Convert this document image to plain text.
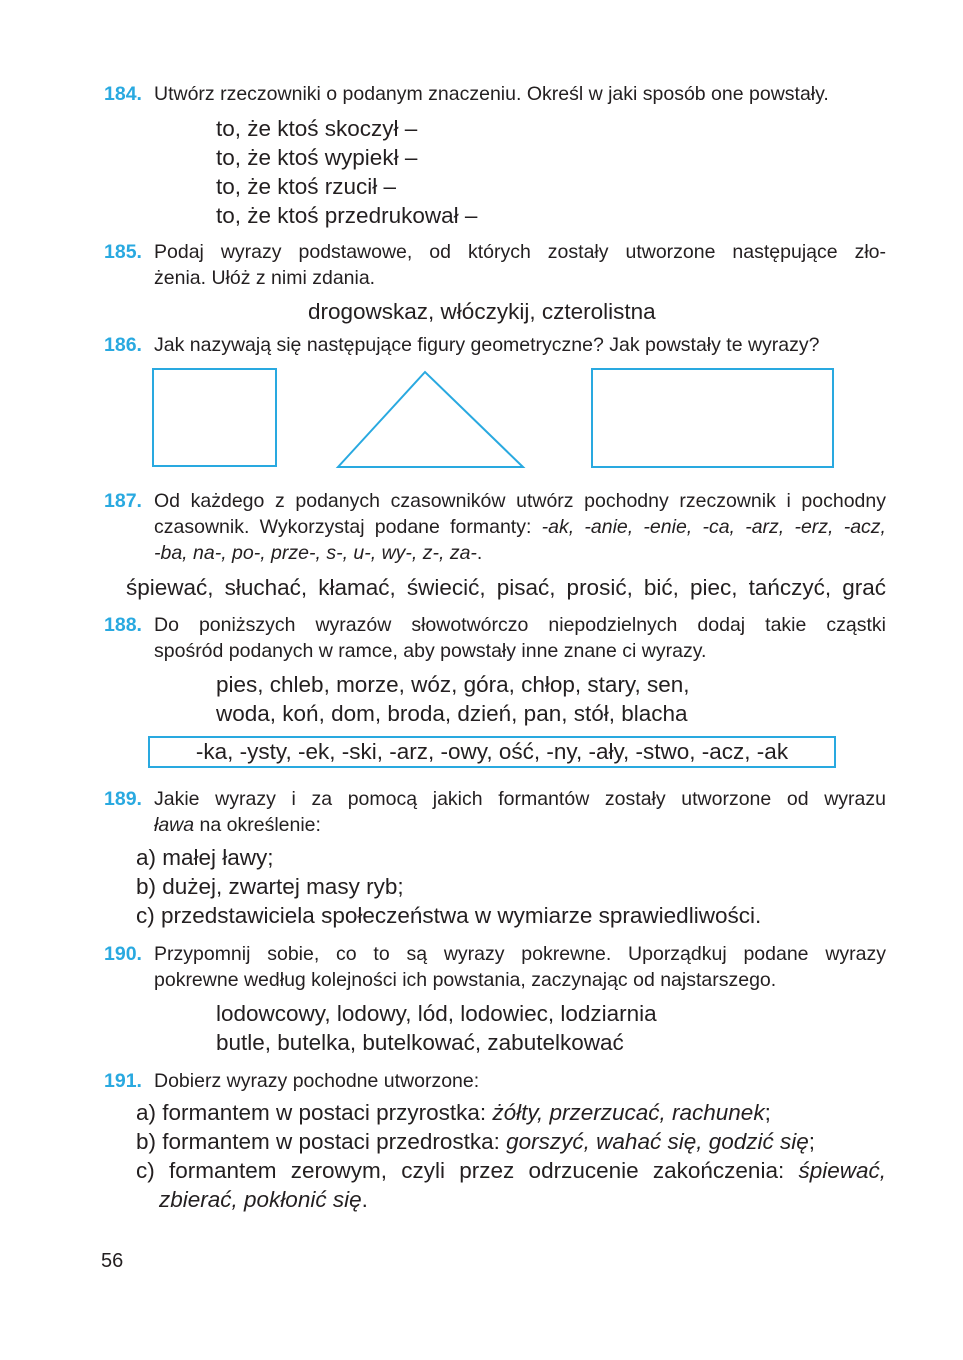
184. Utwórz rzeczowniki o podanym znaczeniu. Określ w jaki sposób one powstały.
to, że ktoś skoczył –
to, że ktoś wypiekł –
to, że ktoś rzucił –
to, że ktoś przedrukował –
185. Podaj wyrazy podstawowe, od których zostały utworzone następujące zło-
żenia. Ułóż z nimi zdania.
drogowskaz, włóczykij, czterolistna
186. Jak nazywają się następujące figury geometryczne? Jak powstały te wyrazy?
187. Od każdego z podanych czasowników utwórz pochodny rzeczownik i pochodny
czasownik. Wykorzystaj podane formanty: -ak, -anie, -enie, -ca, -arz, -erz, -acz,
-ba, na-, po-, prze-, s-, u-, wy-, z-, za-.
śpiewać, słuchać, kłamać, świecić, pisać, prosić, bić, piec, tańczyć, grać
188. Do poniższych wyrazów słowotwórczo niepodzielnych dodaj takie cząstki
spośród podanych w ramce, aby powstały inne znane ci wyrazy.
pies, chleb, morze, wóz, góra, chłop, stary, sen,
woda, koń, dom, broda, dzień, pan, stół, blacha
-ka, -ysty, -ek, -ski, -arz, -owy, ość, -ny, -ały, -stwo, -acz, -ak
189. Jakie wyrazy i za pomocą jakich formantów zostały utworzone od wyrazu
ława na określenie:
a) małej ławy;
b) dużej, zwartej masy ryb;
c) przedstawiciela społeczeństwa w wymiarze sprawiedliwości.
190. Przypomnij sobie, co to są wyrazy pokrewne. Uporządkuj podane wyrazy
pokrewne według kolejności ich powstania, zaczynając od najstarszego.
lodowcowy, lodowy, lód, lodowiec, lodziarnia
butle, butelka, butelkować, zabutelkować
191. Dobierz wyrazy pochodne utworzone:
a) formantem w postaci przyrostka: żółty, przerzucać, rachunek;
b) formantem w postaci przedrostka: gorszyć, wahać się, godzić się;
c) formantem zerowym, czyli przez odrzucenie zakończenia: śpiewać,
zbierać, pokłonić się.
56
